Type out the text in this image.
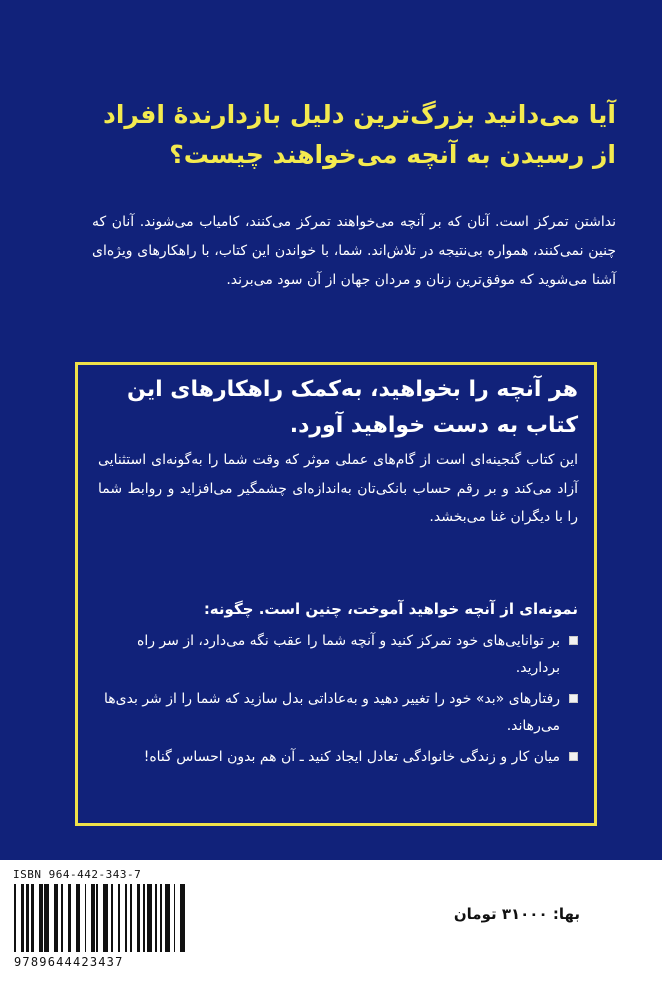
آیا می‌دانید بزرگ‌ترین دلیل بازدارندهٔ افراد
از رسیدن به آنچه می‌خواهند چیست؟
نداشتن تمرکز است. آنان که بر آنچه می‌خواهند تمرکز می‌کنند، کامیاب می‌شوند. آنان که چنین نمی‌کنند، همواره بی‌نتیجه در تلاش‌اند. شما، با خواندن این کتاب، با راهکارهای ویژه‌ای آشنا می‌شوید که موفق‌ترین زنان و مردان جهان از آن سود می‌برند.
هر آنچه را بخواهید، به‌کمک راهکارهای این
کتاب به دست خواهید آورد.
این کتاب گنجینه‌ای است از گام‌های عملی موثر که وقت شما را به‌گونه‌ای استثنایی آزاد می‌کند و بر رقم حساب بانکی‌تان به‌اندازه‌ای چشمگیر می‌افزاید و روابط شما را با دیگران غنا می‌بخشد.
نمونه‌ای از آنچه خواهید آموخت، چنین است. چگونه:
بر توانایی‌های خود تمرکز کنید و آنچه شما را عقب نگه می‌دارد، از سر راه بردارید.
رفتارهای «بد» خود را تغییر دهید و به‌عاداتی بدل سازید که شما را از شر بدی‌ها می‌رهاند.
میان کار و زندگی خانوادگی تعادل ایجاد کنید ـ آن هم بدون احساس گناه!
بها: ۳۱۰۰۰ تومان
ISBN 964-442-343-7
9789644423437
